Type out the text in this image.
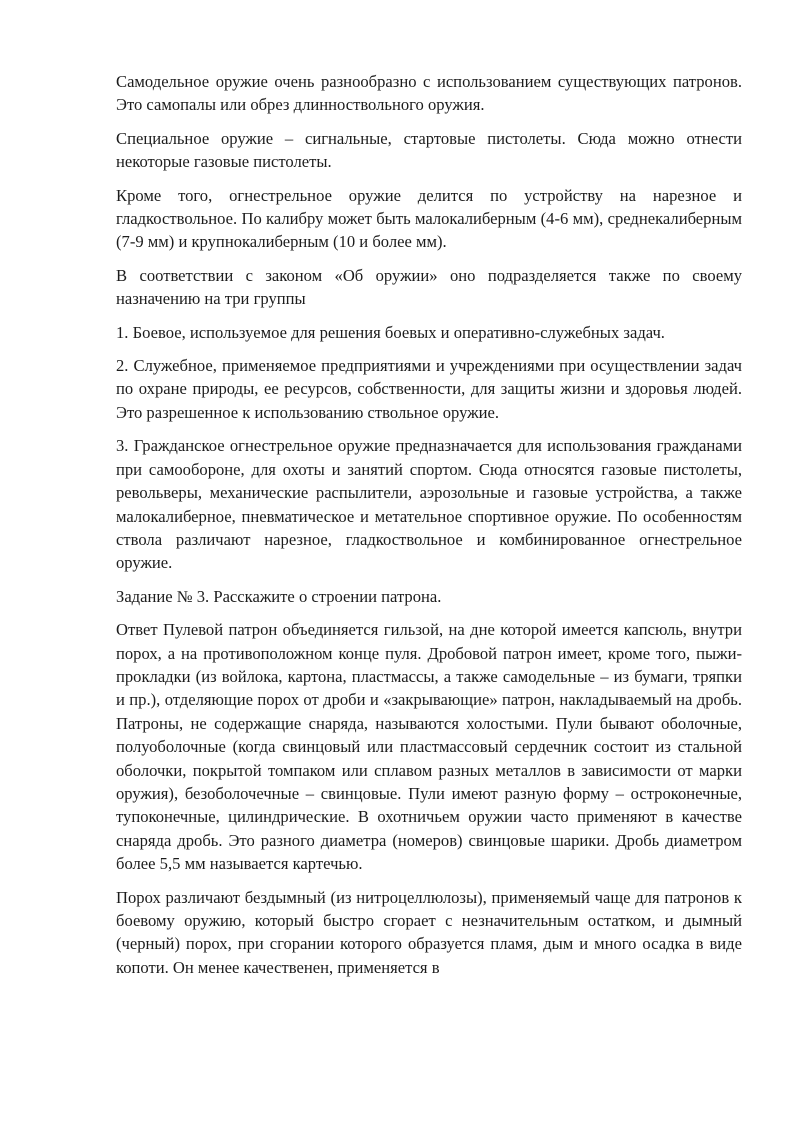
Самодельное оружие очень разнообразно с использованием существующих патронов. Это самопалы или обрез длинноствольного оружия.

Специальное оружие – сигнальные, стартовые пистолеты. Сюда можно отнести некоторые газовые пистолеты.

Кроме того, огнестрельное оружие делится по устройству на нарезное и гладкоствольное. По калибру может быть малокалиберным (4-6 мм), среднекалиберным (7-9 мм) и крупнокалиберным (10 и более мм).

В соответствии с законом «Об оружии» оно подразделяется также по своему назначению на три группы

1. Боевое, используемое для решения боевых и оперативно-служебных задач.

2. Служебное, применяемое предприятиями и учреждениями при осуществлении задач по охране природы, ее ресурсов, собственности, для защиты жизни и здоровья людей. Это разрешенное к использованию ствольное оружие.

3. Гражданское огнестрельное оружие предназначается для использования гражданами при самообороне, для охоты и занятий спортом. Сюда относятся газовые пистолеты, револьверы, механические распылители, аэрозольные и газовые устройства, а также малокалиберное, пневматическое и метательное спортивное оружие. По особенностям ствола различают нарезное, гладкоствольное и комбинированное огнестрельное оружие.

Задание № 3. Расскажите о строении патрона.

Ответ Пулевой патрон объединяется гильзой, на дне которой имеется капсюль, внутри порох, а на противоположном конце пуля. Дробовой патрон имеет, кроме того, пыжи-прокладки (из войлока, картона, пластмассы, а также самодельные – из бумаги, тряпки и пр.), отделяющие порох от дроби и «закрывающие» патрон, накладываемый на дробь. Патроны, не содержащие снаряда, называются холостыми. Пули бывают оболочные, полуоболочные (когда свинцовый или пластмассовый сердечник состоит из стальной оболочки, покрытой томпаком или сплавом разных металлов в зависимости от марки оружия), безоболочечные – свинцовые. Пули имеют разную форму – остроконечные, тупоконечные, цилиндрические. В охотничьем оружии часто применяют в качестве снаряда дробь. Это разного диаметра (номеров) свинцовые шарики. Дробь диаметром более 5,5 мм называется картечью.

Порох различают бездымный (из нитроцеллюлозы), применяемый чаще для патронов к боевому оружию, который быстро сгорает с незначительным остатком, и дымный (черный) порох, при сгорании которого образуется пламя, дым и много осадка в виде копоти. Он менее качественен, применяется в
